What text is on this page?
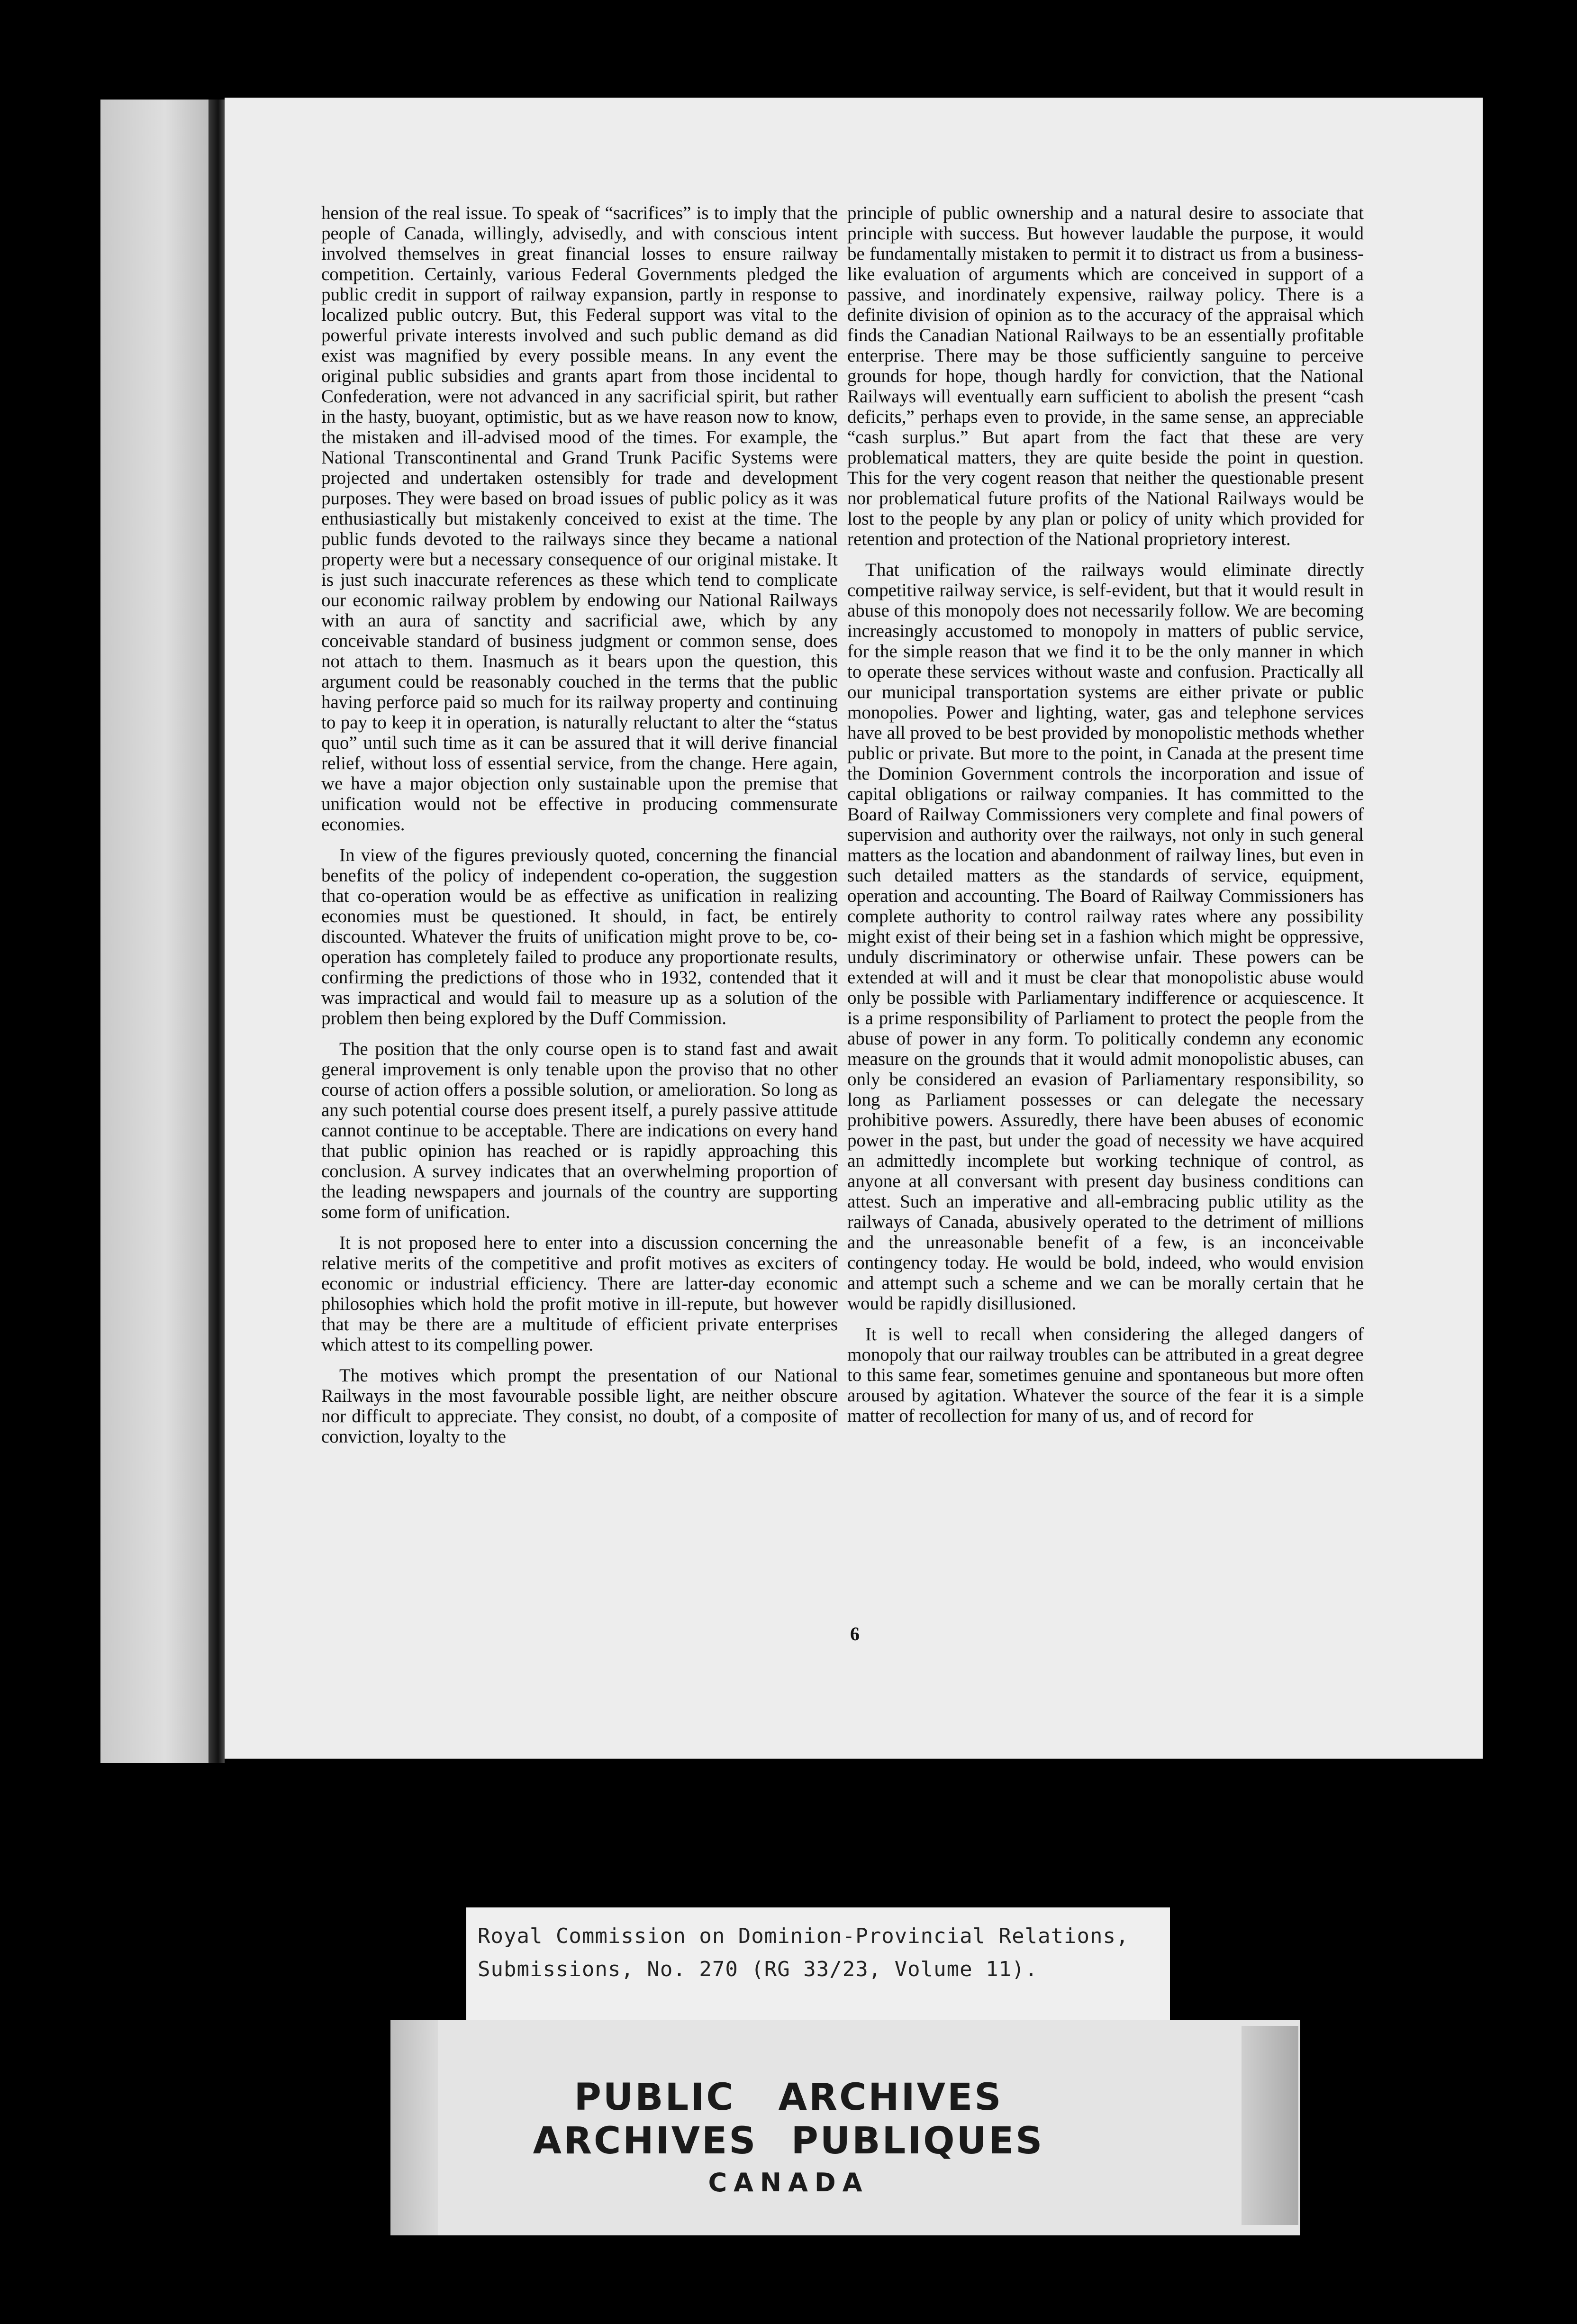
hension of the real issue. To speak of “sacrifices” is to imply that the people of Canada, willingly, advisedly, and with conscious intent involved themselves in great financial losses to ensure railway competition. Certainly, various Federal Governments pledged the public credit in support of railway expansion, partly in response to localized public outcry. But, this Federal support was vital to the powerful private interests involved and such public demand as did exist was magnified by every possible means. In any event the original public subsidies and grants apart from those incidental to Confederation, were not advanced in any sacrificial spirit, but rather in the hasty, buoyant, optimistic, but as we have reason now to know, the mistaken and ill-advised mood of the times. For example, the National Transcontinental and Grand Trunk Pacific Systems were projected and undertaken ostensibly for trade and development purposes. They were based on broad issues of public policy as it was enthusiastically but mistakenly conceived to exist at the time. The public funds devoted to the railways since they became a national property were but a necessary consequence of our original mistake. It is just such inaccurate references as these which tend to complicate our economic railway problem by endowing our National Railways with an aura of sanctity and sacrificial awe, which by any conceivable standard of business judgment or common sense, does not attach to them. Inasmuch as it bears upon the question, this argument could be reasonably couched in the terms that the public having perforce paid so much for its railway property and continuing to pay to keep it in operation, is naturally reluctant to alter the “status quo” until such time as it can be assured that it will derive financial relief, without loss of essential service, from the change. Here again, we have a major objection only sustainable upon the premise that unification would not be effective in producing commensurate economies.

In view of the figures previously quoted, concerning the financial benefits of the policy of independent co-operation, the suggestion that co-operation would be as effective as unification in realizing economies must be questioned. It should, in fact, be entirely discounted. Whatever the fruits of unification might prove to be, co-operation has completely failed to produce any proportionate results, confirming the predictions of those who in 1932, contended that it was impractical and would fail to measure up as a solution of the problem then being explored by the Duff Commission.

The position that the only course open is to stand fast and await general improvement is only tenable upon the proviso that no other course of action offers a possible solution, or amelioration. So long as any such potential course does present itself, a purely passive attitude cannot continue to be acceptable. There are indications on every hand that public opinion has reached or is rapidly approaching this conclusion. A survey indicates that an overwhelming proportion of the leading newspapers and journals of the country are supporting some form of unification.

It is not proposed here to enter into a discussion concerning the relative merits of the competitive and profit motives as exciters of economic or industrial efficiency. There are latter-day economic philosophies which hold the profit motive in ill-repute, but however that may be there are a multitude of efficient private enterprises which attest to its compelling power.

The motives which prompt the presentation of our National Railways in the most favourable possible light, are neither obscure nor difficult to appreciate. They consist, no doubt, of a composite of conviction, loyalty to the

principle of public ownership and a natural desire to associate that principle with success. But however laudable the purpose, it would be fundamentally mistaken to permit it to distract us from a business-like evaluation of arguments which are conceived in support of a passive, and inordinately expensive, railway policy. There is a definite division of opinion as to the accuracy of the appraisal which finds the Canadian National Railways to be an essentially profitable enterprise. There may be those sufficiently sanguine to perceive grounds for hope, though hardly for conviction, that the National Railways will eventually earn sufficient to abolish the present “cash deficits,” perhaps even to provide, in the same sense, an appreciable “cash surplus.” But apart from the fact that these are very problematical matters, they are quite beside the point in question. This for the very cogent reason that neither the questionable present nor problematical future profits of the National Railways would be lost to the people by any plan or policy of unity which provided for retention and protection of the National proprietory interest.

That unification of the railways would eliminate directly competitive railway service, is self-evident, but that it would result in abuse of this monopoly does not necessarily follow. We are becoming increasingly accustomed to monopoly in matters of public service, for the simple reason that we find it to be the only manner in which to operate these services without waste and confusion. Practically all our municipal transportation systems are either private or public monopolies. Power and lighting, water, gas and telephone services have all proved to be best provided by monopolistic methods whether public or private. But more to the point, in Canada at the present time the Dominion Government controls the incorporation and issue of capital obligations or railway companies. It has committed to the Board of Railway Commissioners very complete and final powers of supervision and authority over the railways, not only in such general matters as the location and abandonment of railway lines, but even in such detailed matters as the standards of service, equipment, operation and accounting. The Board of Railway Commissioners has complete authority to control railway rates where any possibility might exist of their being set in a fashion which might be oppressive, unduly discriminatory or otherwise unfair. These powers can be extended at will and it must be clear that monopolistic abuse would only be possible with Parliamentary indifference or acquiescence. It is a prime responsibility of Parliament to protect the people from the abuse of power in any form. To politically condemn any economic measure on the grounds that it would admit monopolistic abuses, can only be considered an evasion of Parliamentary responsibility, so long as Parliament possesses or can delegate the necessary prohibitive powers. Assuredly, there have been abuses of economic power in the past, but under the goad of necessity we have acquired an admittedly incomplete but working technique of control, as anyone at all conversant with present day business conditions can attest. Such an imperative and all-embracing public utility as the railways of Canada, abusively operated to the detriment of millions and the unreasonable benefit of a few, is an inconceivable contingency today. He would be bold, indeed, who would envision and attempt such a scheme and we can be morally certain that he would be rapidly disillusioned.

It is well to recall when considering the alleged dangers of monopoly that our railway troubles can be attributed in a great degree to this same fear, sometimes genuine and spontaneous but more often aroused by agitation. Whatever the source of the fear it is a simple matter of recollection for many of us, and of record for

6
Royal Commission on Dominion-Provincial Relations,
Submissions, No. 270 (RG 33/23, Volume 11).
PUBLIC ARCHIVES
ARCHIVES PUBLIQUES
CANADA
